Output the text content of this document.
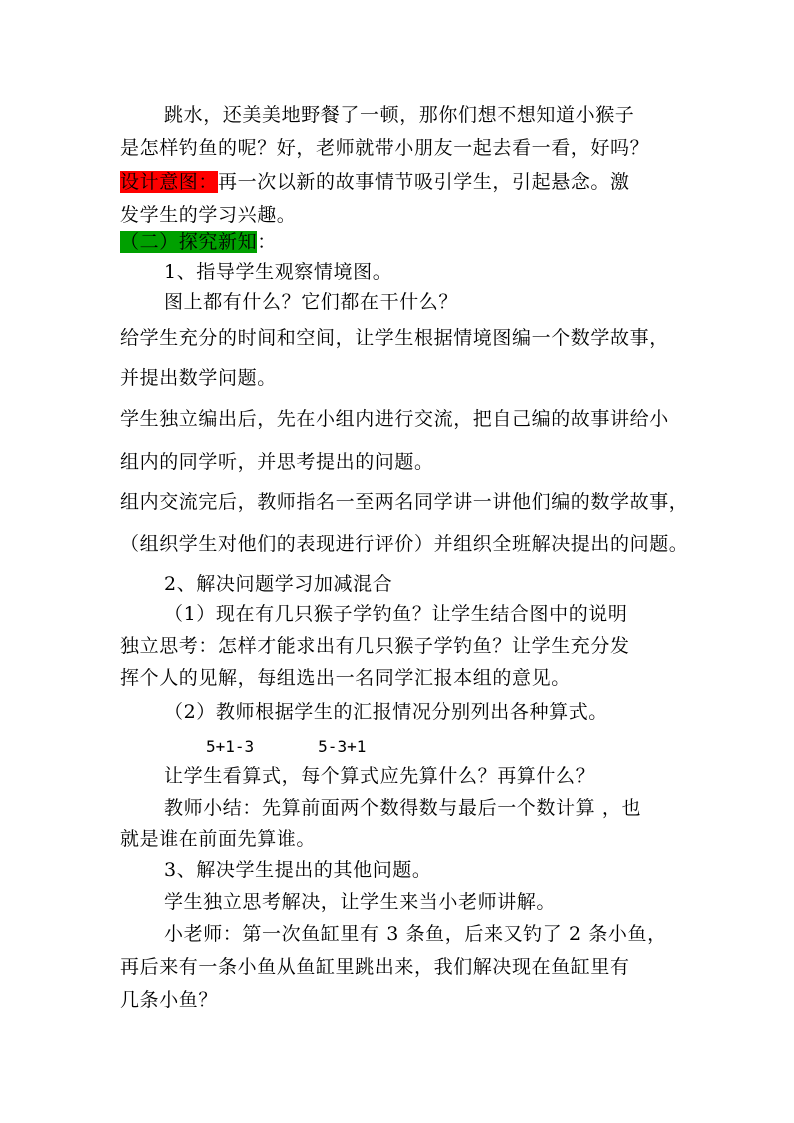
跳水，还美美地野餐了一顿，那你们想不想知道小猴子
是怎样钓鱼的呢？好，老师就带小朋友一起去看一看，好吗？
设计意图：再一次以新的故事情节吸引学生，引起悬念。激
发学生的学习兴趣。
（二）探究新知：
1、指导学生观察情境图。
图上都有什么？它们都在干什么？
给学生充分的时间和空间，让学生根据情境图编一个数学故事，
并提出数学问题。
学生独立编出后，先在小组内进行交流，把自己编的故事讲给小
组内的同学听，并思考提出的问题。
组内交流完后，教师指名一至两名同学讲一讲他们编的数学故事，
（组织学生对他们的表现进行评价）并组织全班解决提出的问题。
2、解决问题学习加减混合
（1）现在有几只猴子学钓鱼？让学生结合图中的说明
独立思考：怎样才能求出有几只猴子学钓鱼？让学生充分发
挥个人的见解，每组选出一名同学汇报本组的意见。
（2）教师根据学生的汇报情况分别列出各种算式。
5+1-3	5-3+1
让学生看算式，每个算式应先算什么？再算什么？
教师小结：先算前面两个数得数与最后一个数计算 ，也
就是谁在前面先算谁。
3、解决学生提出的其他问题。
学生独立思考解决，让学生来当小老师讲解。
小老师：第一次鱼缸里有 3 条鱼，后来又钓了 2 条小鱼，
再后来有一条小鱼从鱼缸里跳出来，我们解决现在鱼缸里有
几条小鱼？
